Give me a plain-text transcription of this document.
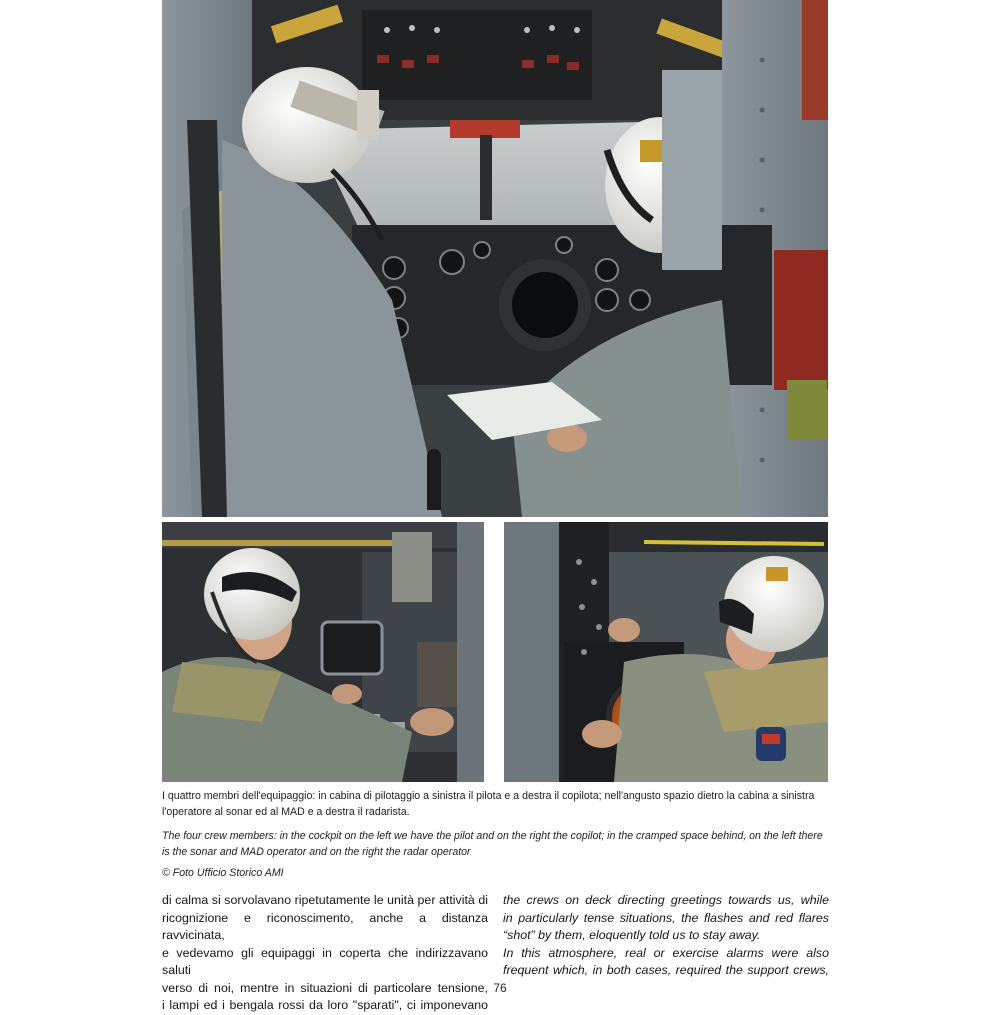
I quattro membri dell'equipaggio: in cabina di pilotaggio a sinistra il pilota e a destra il copilota; nell'angusto spazio dietro la cabina a sinistra l'operatore al sonar ed al MAD e a destra il radarista.
The four crew members: in the cockpit on the left we have the pilot and on the right the copilot; in the cramped space behind, on the left there is the sonar and MAD operator and on the right the radar operator
© Foto Ufficio Storico AMI

di calma si sorvolavano ripetutamente le unità per attività di

ricognizione e riconoscimento, anche a distanza ravvicinata,

e vedevamo gli equipaggi in coperta che indirizzavano saluti

verso di noi, mentre in situazioni di particolare tensione,

i lampi ed i bengala rossi da loro "sparati", ci imponevano

the crews on deck directing greetings towards us, while

in particularly tense situations, the flashes and red flares

“shot” by them, eloquently told us to stay away.

In this atmosphere, real or exercise alarms were also

frequent which, in both cases, required the support crews,

76
